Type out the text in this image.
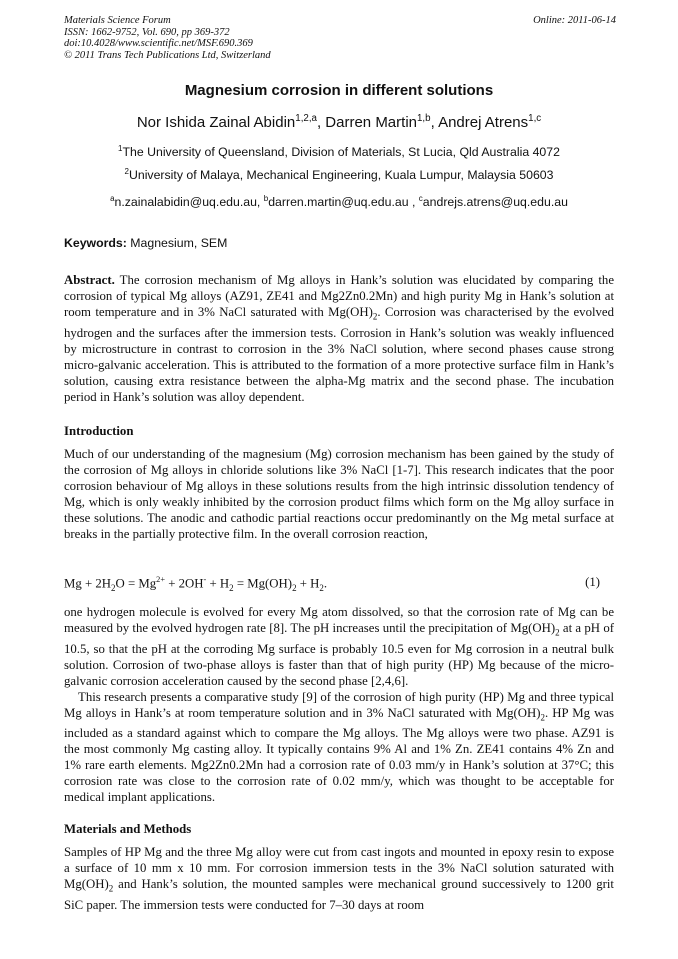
Materials Science Forum
ISSN: 1662-9752, Vol. 690, pp 369-372
doi:10.4028/www.scientific.net/MSF.690.369
© 2011 Trans Tech Publications Ltd, Switzerland
Online: 2011-06-14
Magnesium corrosion in different solutions
Nor Ishida Zainal Abidin$^{1,2,a}$, Darren Martin$^{1,b}$, Andrej Atrens$^{1,c}$
$^1$The University of Queensland, Division of Materials, St Lucia, Qld Australia 4072
$^2$University of Malaya, Mechanical Engineering, Kuala Lumpur, Malaysia 50603
$^a$n.zainalabidin@uq.edu.au, $^b$darren.martin@uq.edu.au , $^c$andrejs.atrens@uq.edu.au
Keywords: Magnesium, SEM

Abstract. The corrosion mechanism of Mg alloys in Hank’s solution was elucidated by comparing the corrosion of typical Mg alloys (AZ91, ZE41 and Mg2Zn0.2Mn) and high purity Mg in Hank’s solution at room temperature and in 3% NaCl saturated with $Mg(OH)_2$. Corrosion was characterised by the evolved hydrogen and the surfaces after the immersion tests. Corrosion in Hank’s solution was weakly influenced by microstructure in contrast to corrosion in the 3% NaCl solution, where second phases cause strong micro-galvanic acceleration. This is attributed to the formation of a more protective surface film in Hank’s solution, causing extra resistance between the alpha-Mg matrix and the second phase. The incubation period in Hank’s solution was alloy dependent.

Introduction

Much of our understanding of the magnesium (Mg) corrosion mechanism has been gained by the study of the corrosion of Mg alloys in chloride solutions like 3% NaCl [1-7]. This research indicates that the poor corrosion behaviour of Mg alloys in these solutions results from the high intrinsic dissolution tendency of Mg, which is only weakly inhibited by the corrosion product films which form on the Mg alloy surface in these solutions. The anodic and cathodic partial reactions occur predominantly on the Mg metal surface at breaks in the partially protective film. In the overall corrosion reaction,

$Mg + 2H_2O = Mg^{2+} + 2OH^- + H_2 = Mg(OH)_2 + H_2$.	(1)

one hydrogen molecule is evolved for every Mg atom dissolved, so that the corrosion rate of Mg can be measured by the evolved hydrogen rate [8]. The pH increases until the precipitation of $Mg(OH)_2$ at a pH of 10.5, so that the pH at the corroding Mg surface is probably 10.5 even for Mg corrosion in a neutral bulk solution. Corrosion of two-phase alloys is faster than that of high purity (HP) Mg because of the micro-galvanic corrosion acceleration caused by the second phase [2,4,6].

This research presents a comparative study [9] of the corrosion of high purity (HP) Mg and three typical Mg alloys in Hank’s at room temperature solution and in 3% NaCl saturated with $Mg(OH)_2$. HP Mg was included as a standard against which to compare the Mg alloys. The Mg alloys were two phase. AZ91 is the most commonly Mg casting alloy. It typically contains 9% Al and 1% Zn. ZE41 contains 4% Zn and 1% rare earth elements. Mg2Zn0.2Mn had a corrosion rate of 0.03 mm/y in Hank’s solution at 37°C; this corrosion rate was close to the corrosion rate of 0.02 mm/y, which was thought to be acceptable for medical implant applications.

Materials and Methods

Samples of HP Mg and the three Mg alloy were cut from cast ingots and mounted in epoxy resin to expose a surface of 10 mm x 10 mm. For corrosion immersion tests in the 3% NaCl solution saturated with $Mg(OH)_2$ and Hank’s solution, the mounted samples were mechanical ground successively to 1200 grit SiC paper. The immersion tests were conducted for 7–30 days at room
